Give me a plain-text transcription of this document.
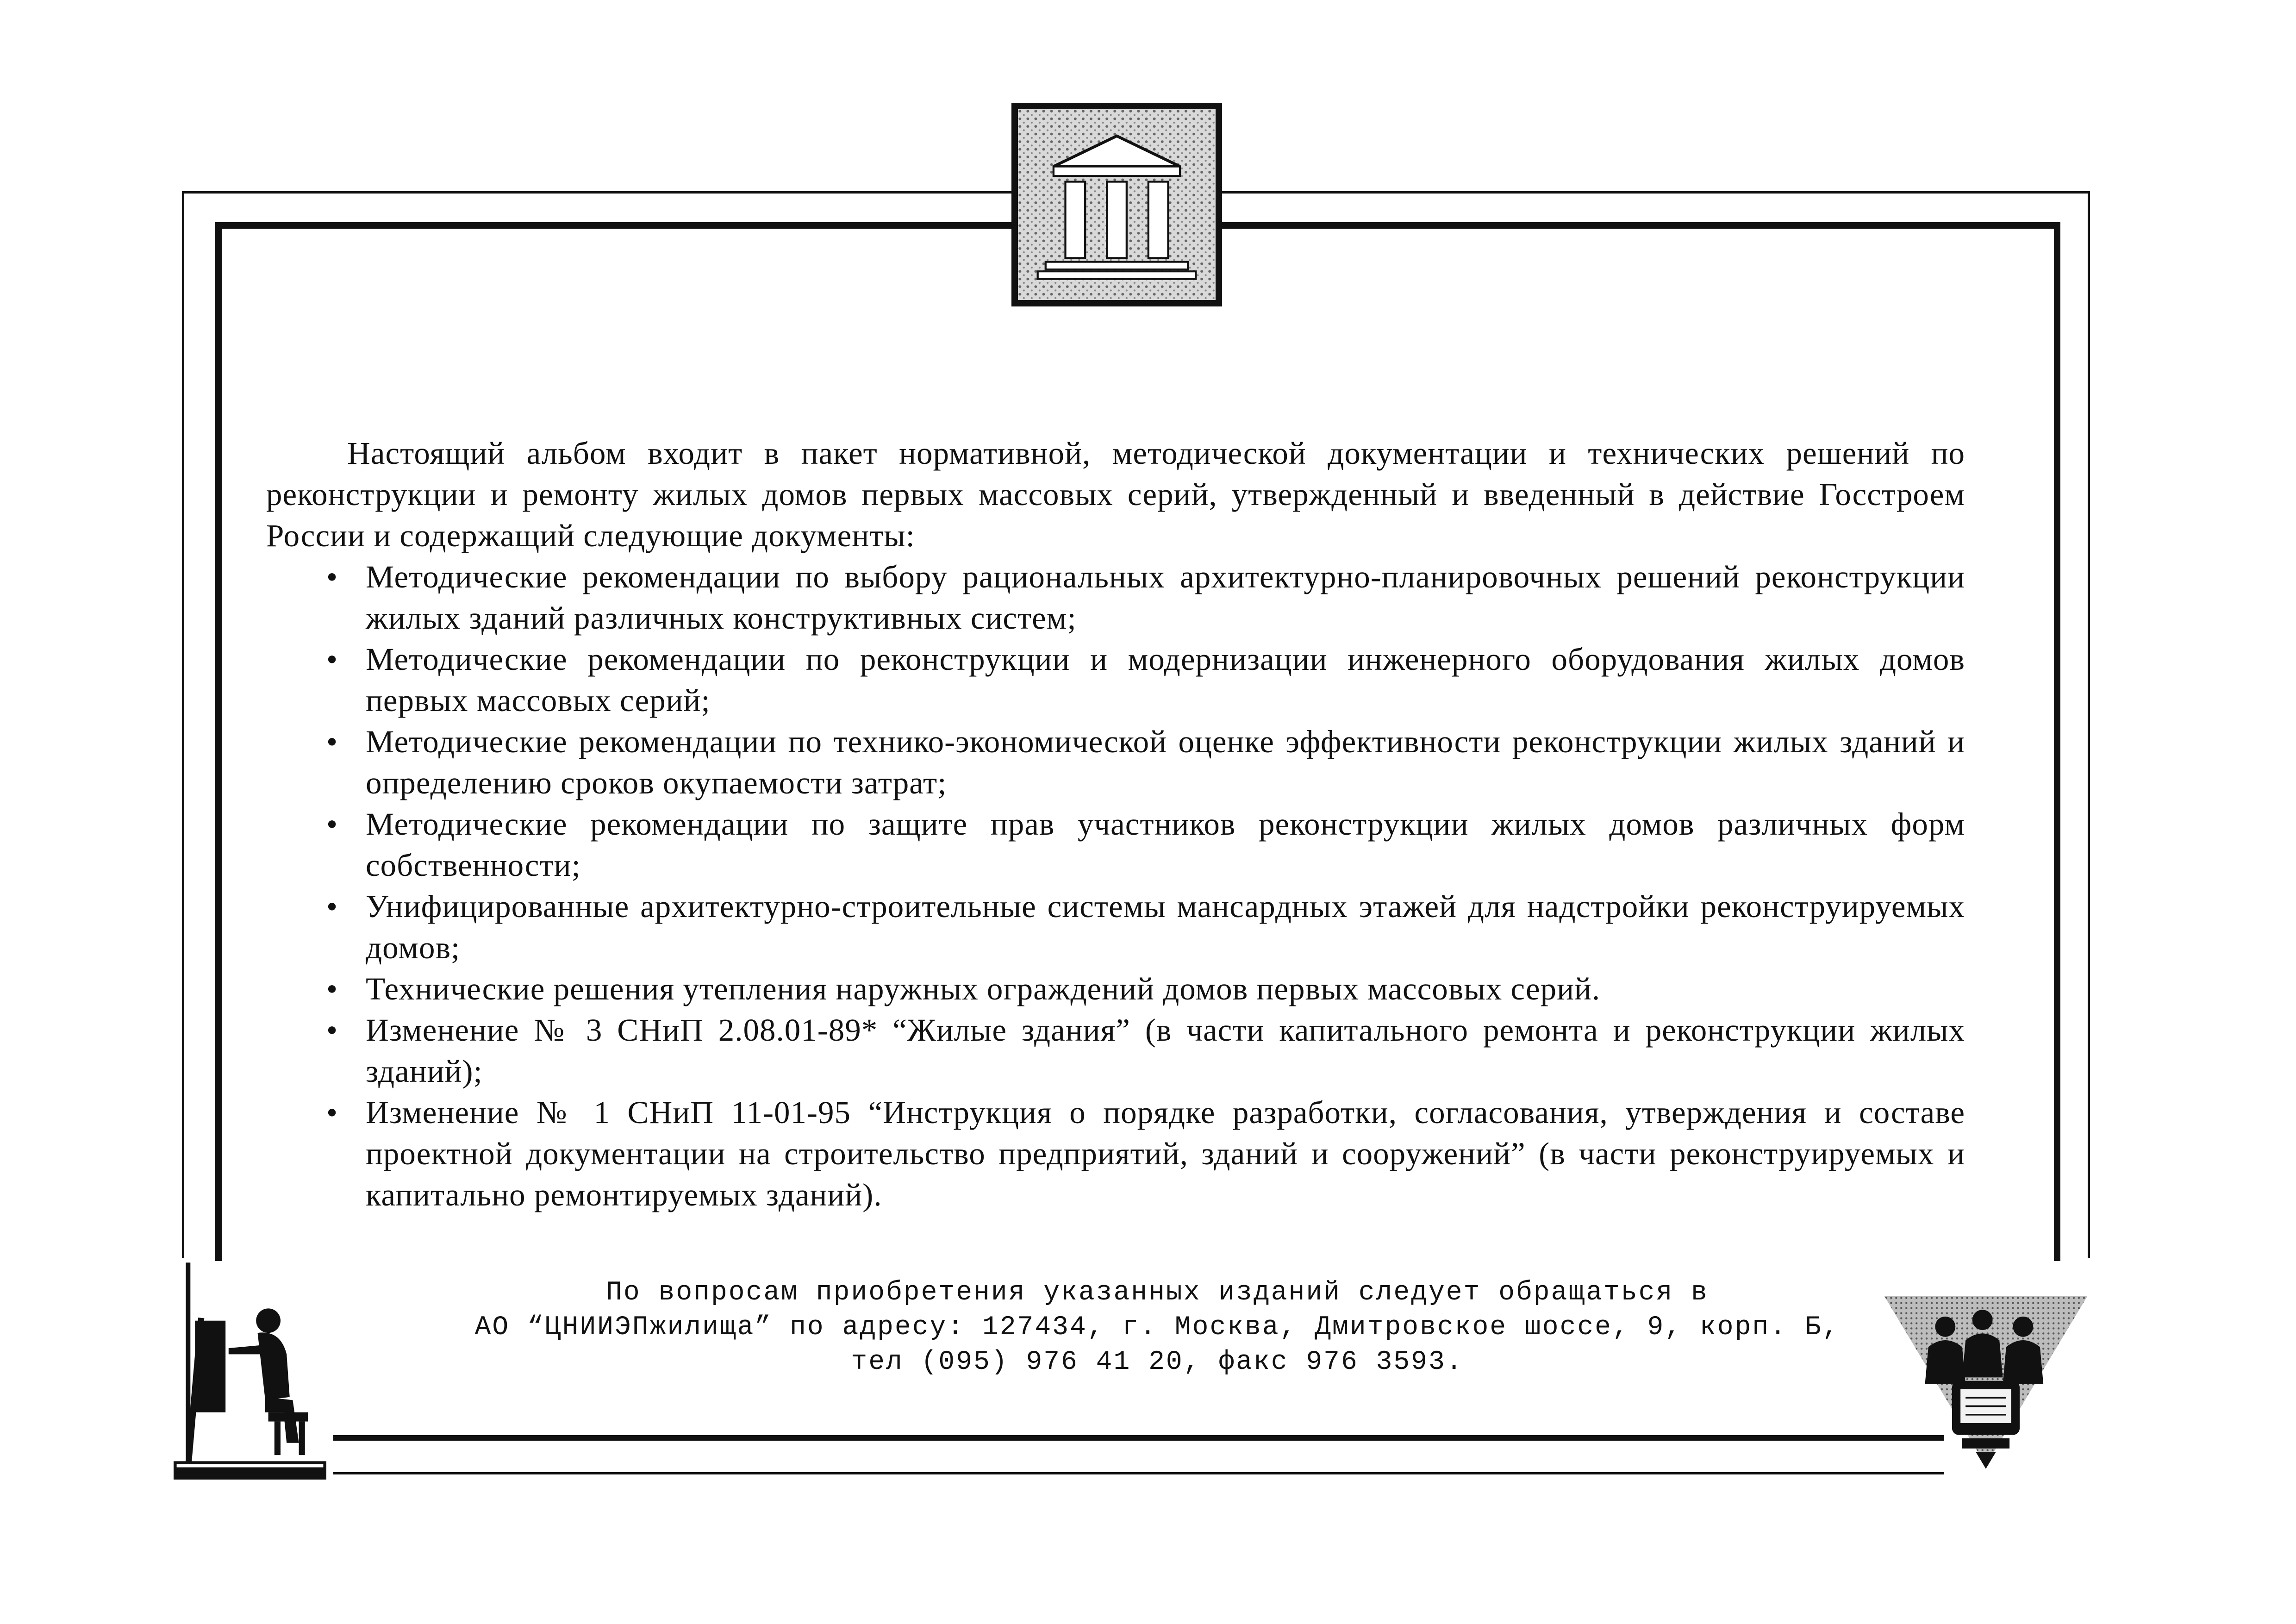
Настоящий альбом входит в пакет нормативной, методической документации и технических решений по реконструкции и ремонту жилых домов первых массовых серий, утвержденный и введенный в действие Госстроем России и содержащий следующие документы:

• Методические рекомендации по выбору рациональных архитектурно-планировочных решений реконструкции жилых зданий различных конструктивных систем;
• Методические рекомендации по реконструкции и модернизации инженерного оборудования жилых домов первых массовых серий;
• Методические рекомендации по технико-экономической оценке эффективности реконструкции жилых зданий и определению сроков окупаемости затрат;
• Методические рекомендации по защите прав участников реконструкции жилых домов различных форм собственности;
• Унифицированные архитектурно-строительные системы мансардных этажей для надстройки реконструируемых домов;
• Технические решения утепления наружных ограждений домов первых массовых серий.
• Изменение № 3 СНиП 2.08.01-89* “Жилые здания” (в части капитального ремонта и реконструкции жилых зданий);
• Изменение № 1 СНиП 11-01-95 “Инструкция о порядке разработки, согласования, утверждения и составе проектной документации на строительство предприятий, зданий и сооружений” (в части реконструируемых и капитально ремонтируемых зданий).
По вопросам приобретения указанных изданий следует обращаться в
АО “ЦНИИЭПжилища” по адресу: 127434, г. Москва, Дмитровское шоссе, 9, корп. Б,
тел (095) 976 41 20, факс 976 3593.
